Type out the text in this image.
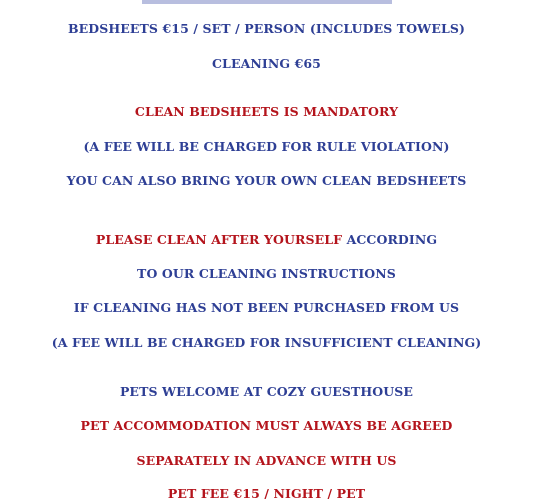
BEDSHEETS €15 / SET / PERSON (INCLUDES TOWELS)
CLEANING €65
CLEAN BEDSHEETS IS MANDATORY
(A FEE WILL BE CHARGED FOR RULE VIOLATION)
YOU CAN ALSO BRING YOUR OWN CLEAN BEDSHEETS
PLEASE CLEAN AFTER YOURSELF ACCORDING
TO OUR CLEANING INSTRUCTIONS
IF CLEANING HAS NOT BEEN PURCHASED FROM US
(A FEE WILL BE CHARGED FOR INSUFFICIENT CLEANING)
PETS WELCOME AT COZY GUESTHOUSE
PET ACCOMMODATION MUST ALWAYS BE AGREED
SEPARATELY IN ADVANCE WITH US
PET FEE €15 / NIGHT / PET
